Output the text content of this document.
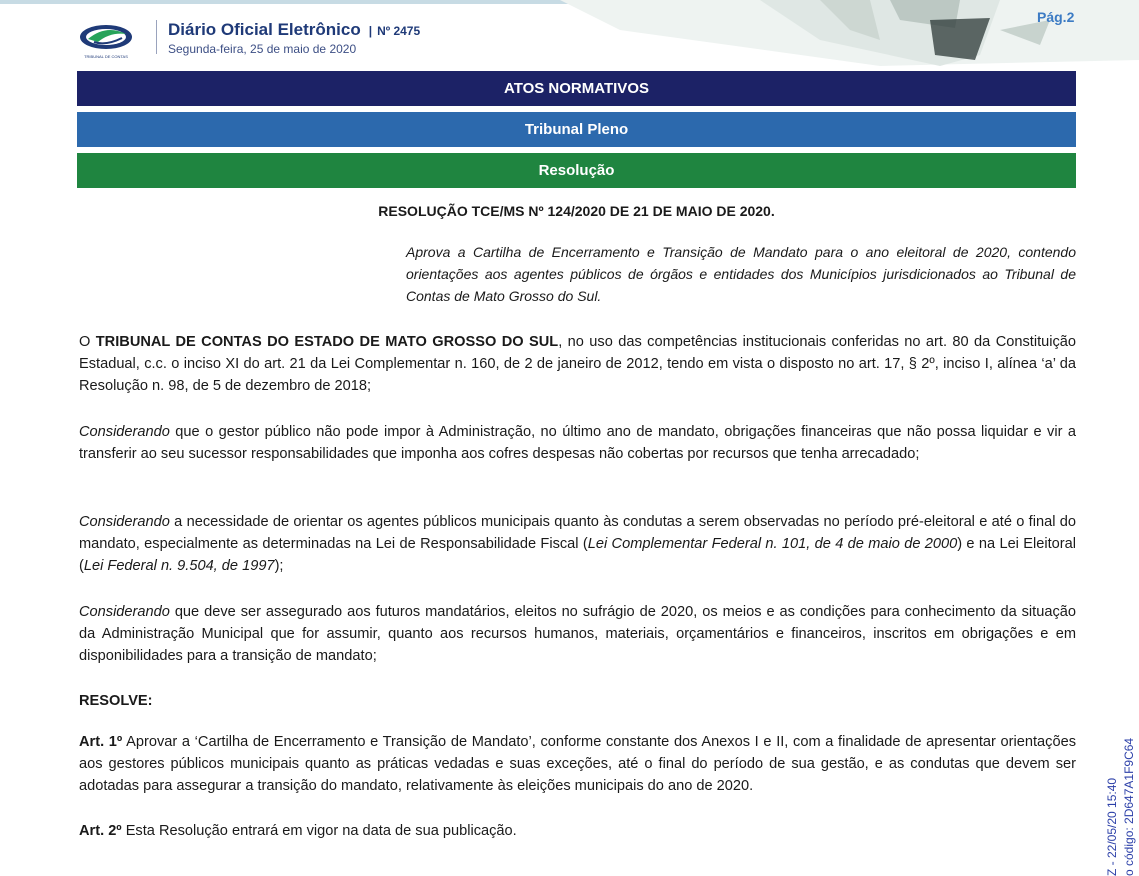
TRIBUNAL DE CONTAS
Diário Oficial Eletrônico | Nº 2475
Segunda-feira, 25 de maio de 2020
Pág.2
ATOS NORMATIVOS
Tribunal Pleno
Resolução
RESOLUÇÃO TCE/MS Nº 124/2020 DE 21 DE MAIO DE 2020.
Aprova a Cartilha de Encerramento e Transição de Mandato para o ano eleitoral de 2020, contendo orientações aos agentes públicos de órgãos e entidades dos Municípios jurisdicionados ao Tribunal de Contas de Mato Grosso do Sul.
O TRIBUNAL DE CONTAS DO ESTADO DE MATO GROSSO DO SUL, no uso das competências institucionais conferidas no art. 80 da Constituição Estadual, c.c. o inciso XI do art. 21 da Lei Complementar n. 160, de 2 de janeiro de 2012, tendo em vista o disposto no art. 17, § 2º, inciso I, alínea ‘a’ da Resolução n. 98, de 5 de dezembro de 2018;
Considerando que o gestor público não pode impor à Administração, no último ano de mandato, obrigações financeiras que não possa liquidar e vir a transferir ao seu sucessor responsabilidades que imponha aos cofres despesas não cobertas por recursos que tenha arrecadado;
Considerando a necessidade de orientar os agentes públicos municipais quanto às condutas a serem observadas no período pré-eleitoral e até o final do mandato, especialmente as determinadas na Lei de Responsabilidade Fiscal (Lei Complementar Federal n. 101, de 4 de maio de 2000) e na Lei Eleitoral (Lei Federal n. 9.504, de 1997);
Considerando que deve ser assegurado aos futuros mandatários, eleitos no sufrágio de 2020, os meios e as condições para conhecimento da situação da Administração Municipal que for assumir, quanto aos recursos humanos, materiais, orçamentários e financeiros, inscritos em obrigações e em disponibilidades para a transição de mandato;
RESOLVE:
Art. 1º Aprovar a ‘Cartilha de Encerramento e Transição de Mandato’, conforme constante dos Anexos I e II, com a finalidade de apresentar orientações aos gestores públicos municipais quanto as práticas vedadas e suas exceções, até o final do período de sua gestão, e as condutas que devem ser adotadas para assegurar a transição do mandato, relativamente às eleições municipais do ano de 2020.
Art. 2º Esta Resolução entrará em vigor na data de sua publicação.	Z - 22/05/20 15:40 o código: 2D647A1F9C64
